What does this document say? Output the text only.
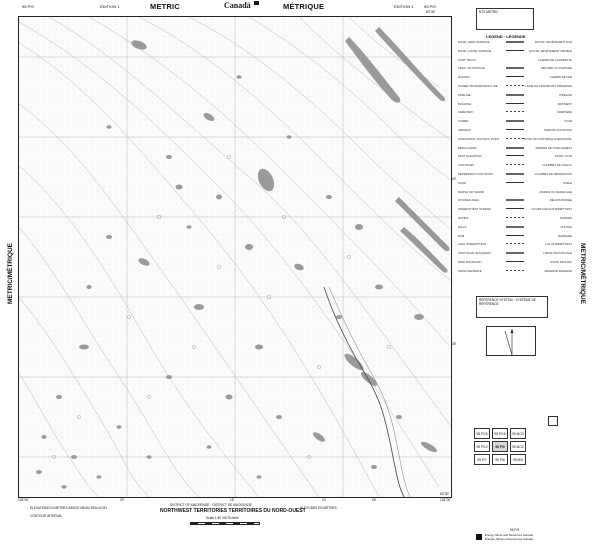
95 P/9	EDITION 1	METRIC	Canadä	MÉTRIQUE	EDITION 1	95 P/9
METRIC/MÉTRIQUE	METRIC/MÉTRIQUE
63°45'
40'
35'
128°00'
63°30'
128°00'
20'	15'	10'	05'
ELEVATIONS IN METRES ABOVE MEAN SEA LEVEL
CONTOUR INTERVAL
DISTRICT OF MACKENZIE · DISTRICT DE MACKENZIE
NORTHWEST TERRITORIES TERRITOIRES DU NORD-OUEST
Scale 1:50 000 Échelle
ALTITUDES EN MÈTRES
95 P/9
Energy, Mines and Resources Canada
Énergie, Mines et Ressources Canada
NTS METRIC
LEGEND · LÉGENDE
ROAD, HARD SURFACE	ROUTE, REVÊTEMENT DUR
ROAD, LOOSE SURFACE	ROUTE, REVÊTEMENT MEUBLE
CART TRACK	CHEMIN DE CHARRETTE
TRAIL OR PORTAGE	SENTIER OU PORTAGE
RAILWAY	CHEMIN DE FER
POWER TRANSMISSION LINE	LIGNE DE TRANSPORT D'ÉNERGIE
PIPELINE	PIPELINE
BUILDING	BÂTIMENT
CEMETERY	CIMETIÈRE
TOWER	TOUR
AIRFIELD	TERRAIN D'AVIATION
HORIZONTAL CONTROL POINT	POINT DE CONTRÔLE HORIZONTAL
BENCH MARK	REPÈRE DE NIVELLEMENT
SPOT ELEVATION	POINT COTÉ
CONTOURS	COURBES DE NIVEAU
DEPRESSION CONTOURS	COURBES DE DÉPRESSION
SAND	SABLE
MARSH OR SWAMP	MARAIS OU MARÉCAGE
WOODED AREA	RÉGION BOISÉE
INTERMITTENT STREAM	COURS D'EAU INTERMITTENT
RAPIDS	RAPIDES
FALLS	CHUTES
DAM	BARRAGE
LAKE INTERMITTENT	LAC INTERMITTENT
PROVINCIAL BOUNDARY	LIMITE PROVINCIALE
PARK BOUNDARY	LIMITE DE PARC
INDIAN RESERVE	RÉSERVE INDIENNE
REFERENCE SYSTEM · SYSTÈME DE RÉFÉRENCE
95 P/15	95 P/16	95 M/13
95 P/10	95 P/9	95 M/12
95 P/7	95 P/8	95 M/5
